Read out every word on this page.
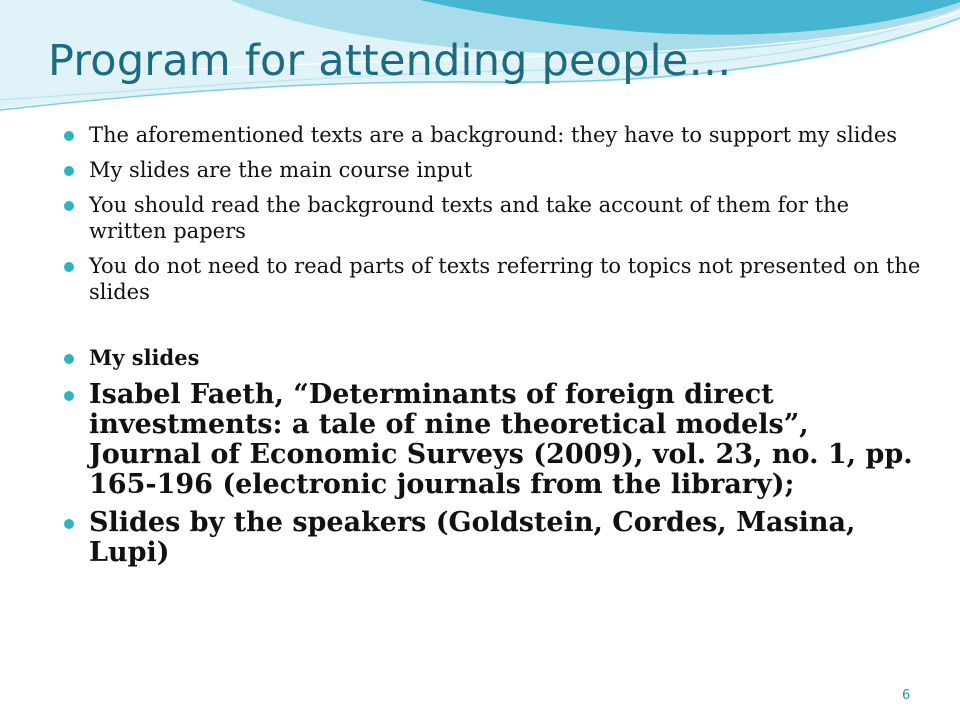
Program for attending people…
The aforementioned texts are a background: they have to support my slides
My slides are the main course input
You should read the background texts and take account of them for the written papers
You do not need to read parts of texts referring to topics not presented on the slides
My slides
Isabel Faeth, “Determinants of foreign direct investments: a tale of nine theoretical models”, Journal of Economic Surveys (2009), vol. 23, no. 1, pp. 165-196 (electronic journals from the library);
Slides by the speakers (Goldstein, Cordes, Masina, Lupi)
6
